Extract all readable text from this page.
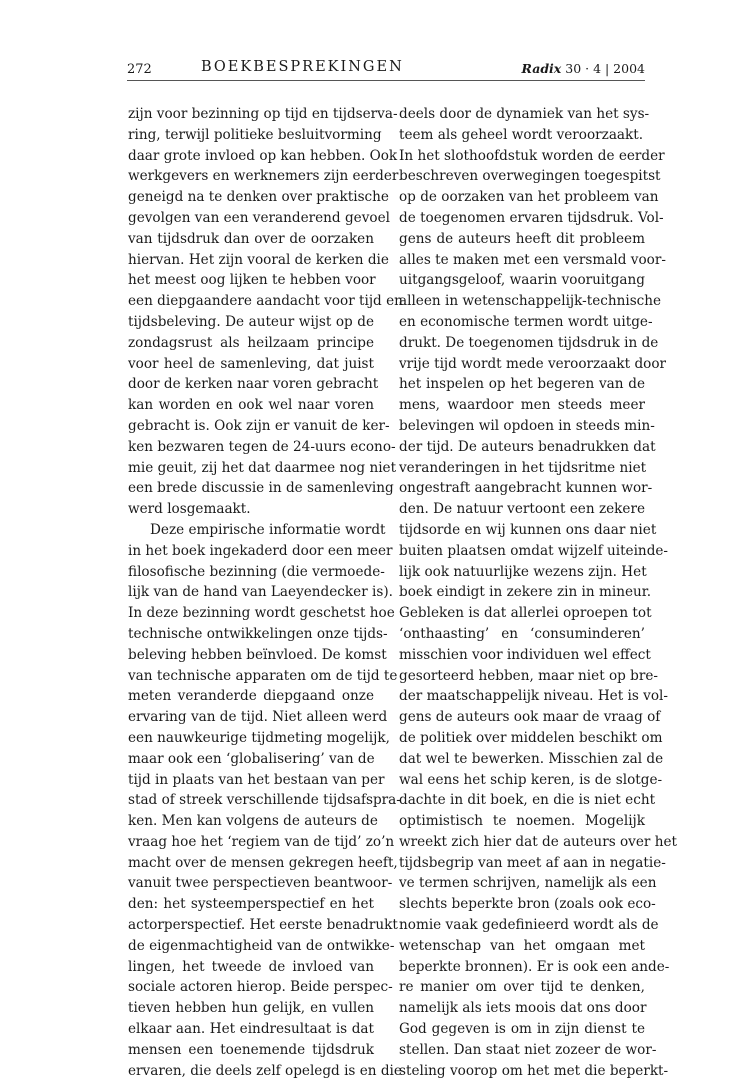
272	BOEKBESPREKINGEN	Radix 30 · 4 | 2004
zijn voor bezinning op tijd en tijdserva-
ring, terwijl politieke besluitvorming
daar grote invloed op kan hebben. Ook
werkgevers en werknemers zijn eerder
geneigd na te denken over praktische
gevolgen van een veranderend gevoel
van tijdsdruk dan over de oorzaken
hiervan. Het zijn vooral de kerken die
het meest oog lijken te hebben voor
een diepgaandere aandacht voor tijd en
tijdsbeleving. De auteur wijst op de
zondagsrust als heilzaam principe
voor heel de samenleving, dat juist
door de kerken naar voren gebracht
kan worden en ook wel naar voren
gebracht is. Ook zijn er vanuit de ker-
ken bezwaren tegen de 24-uurs econo-
mie geuit, zij het dat daarmee nog niet
een brede discussie in de samenleving
werd losgemaakt.
Deze empirische informatie wordt
in het boek ingekaderd door een meer
filosofische bezinning (die vermoede-
lijk van de hand van Laeyendecker is).
In deze bezinning wordt geschetst hoe
technische ontwikkelingen onze tijds-
beleving hebben beïnvloed. De komst
van technische apparaten om de tijd te
meten veranderde diepgaand onze
ervaring van de tijd. Niet alleen werd
een nauwkeurige tijdmeting mogelijk,
maar ook een ‘globalisering’ van de
tijd in plaats van het bestaan van per
stad of streek verschillende tijdsafspra-
ken. Men kan volgens de auteurs de
vraag hoe het ‘regiem van de tijd’ zo’n
macht over de mensen gekregen heeft,
vanuit twee perspectieven beantwoor-
den: het systeemperspectief en het
actorperspectief. Het eerste benadrukt
de eigenmachtigheid van de ontwikke-
lingen, het tweede de invloed van
sociale actoren hierop. Beide perspec-
tieven hebben hun gelijk, en vullen
elkaar aan. Het eindresultaat is dat
mensen een toenemende tijdsdruk
ervaren, die deels zelf opelegd is en die
deels door de dynamiek van het sys-
teem als geheel wordt veroorzaakt.
In het slothoofdstuk worden de eerder
beschreven overwegingen toegespitst
op de oorzaken van het probleem van
de toegenomen ervaren tijdsdruk. Vol-
gens de auteurs heeft dit probleem
alles te maken met een versmald voor-
uitgangsgeloof, waarin vooruitgang
alleen in wetenschappelijk-technische
en economische termen wordt uitge-
drukt. De toegenomen tijdsdruk in de
vrije tijd wordt mede veroorzaakt door
het inspelen op het begeren van de
mens, waardoor men steeds meer
belevingen wil opdoen in steeds min-
der tijd. De auteurs benadrukken dat
veranderingen in het tijdsritme niet
ongestraft aangebracht kunnen wor-
den. De natuur vertoont een zekere
tijdsorde en wij kunnen ons daar niet
buiten plaatsen omdat wijzelf uiteinde-
lijk ook natuurlijke wezens zijn. Het
boek eindigt in zekere zin in mineur.
Gebleken is dat allerlei oproepen tot
‘onthaasting’ en ‘consuminderen’
misschien voor individuen wel effect
gesorteerd hebben, maar niet op bre-
der maatschappelijk niveau. Het is vol-
gens de auteurs ook maar de vraag of
de politiek over middelen beschikt om
dat wel te bewerken. Misschien zal de
wal eens het schip keren, is de slotge-
dachte in dit boek, en die is niet echt
optimistisch te noemen. Mogelijk
wreekt zich hier dat de auteurs over het
tijdsbegrip van meet af aan in negatie-
ve termen schrijven, namelijk als een
slechts beperkte bron (zoals ook eco-
nomie vaak gedefinieerd wordt als de
wetenschap van het omgaan met
beperkte bronnen). Er is ook een ande-
re manier om over tijd te denken,
namelijk als iets moois dat ons door
God gegeven is om in zijn dienst te
stellen. Dan staat niet zozeer de wor-
steling voorop om het met die beperkt-
